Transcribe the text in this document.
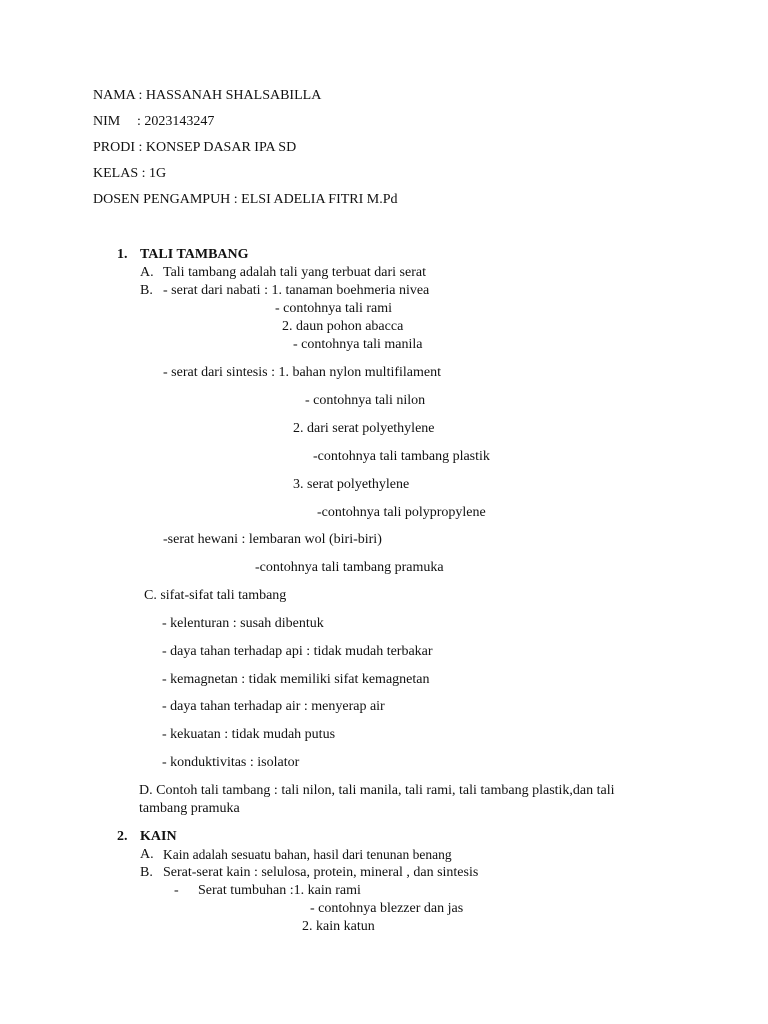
NAMA : HASSANAH SHALSABILLA
NIM : 2023143247
PRODI : KONSEP DASAR IPA SD
KELAS : 1G
DOSEN PENGAMPUH : ELSI ADELIA FITRI M.Pd
1. TALI TAMBANG
A. Tali tambang adalah tali yang terbuat dari serat
B. - serat dari nabati : 1. tanaman boehmeria nivea
- contohnya tali rami
2. daun pohon abacca
- contohnya tali manila
- serat dari sintesis : 1. bahan nylon multifilament
- contohnya tali nilon
2. dari serat polyethylene
-contohnya tali tambang plastik
3. serat polyethylene
-contohnya tali polypropylene
-serat hewani : lembaran wol (biri-biri)
-contohnya tali tambang pramuka
C. sifat-sifat tali tambang
- kelenturan : susah dibentuk
- daya tahan terhadap api : tidak mudah terbakar
- kemagnetan : tidak memiliki sifat kemagnetan
- daya tahan terhadap air : menyerap air
- kekuatan : tidak mudah putus
- konduktivitas : isolator
D. Contoh tali tambang : tali nilon, tali manila, tali rami, tali tambang plastik,dan tali
tambang pramuka
2. KAIN
A. Kain adalah sesuatu bahan, hasil dari tenunan benang
B. Serat-serat kain : selulosa, protein, mineral , dan sintesis
- Serat tumbuhan :1. kain rami
- contohnya blezzer dan jas
2. kain katun
